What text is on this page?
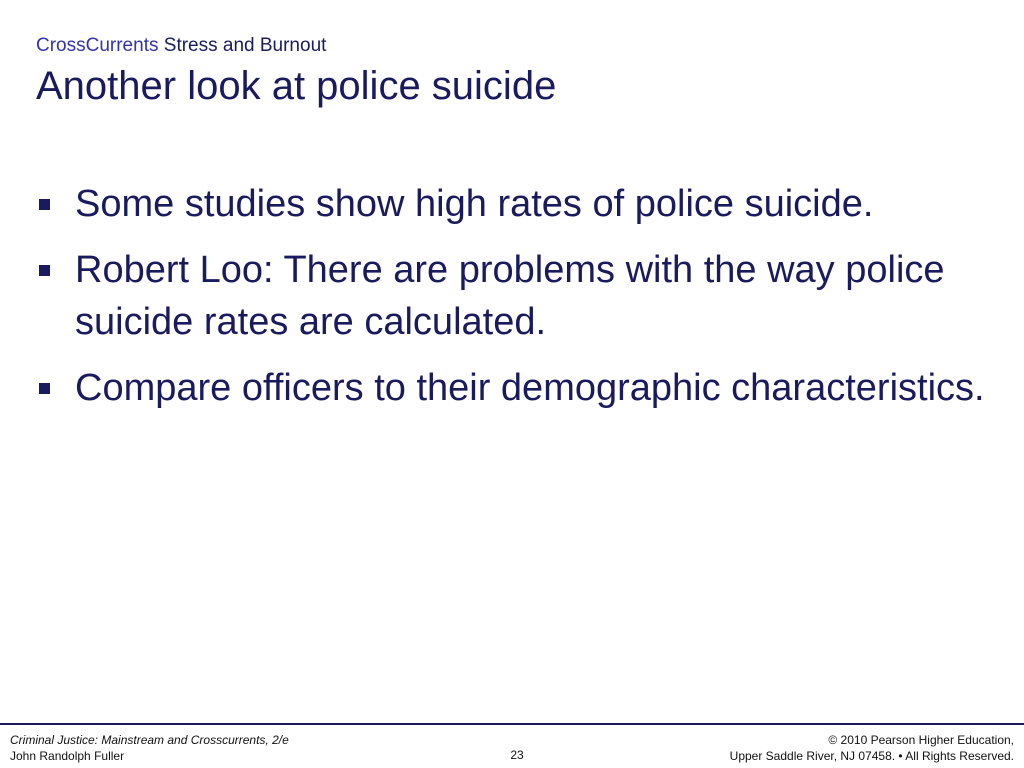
CrossCurrents Stress and Burnout
Another look at police suicide
Some studies show high rates of police suicide.
Robert Loo: There are problems with the way police suicide rates are calculated.
Compare officers to their demographic characteristics.
Criminal Justice: Mainstream and Crosscurrents, 2/e
John Randolph Fuller	23
© 2010 Pearson Higher Education,
Upper Saddle River, NJ 07458. • All Rights Reserved.
